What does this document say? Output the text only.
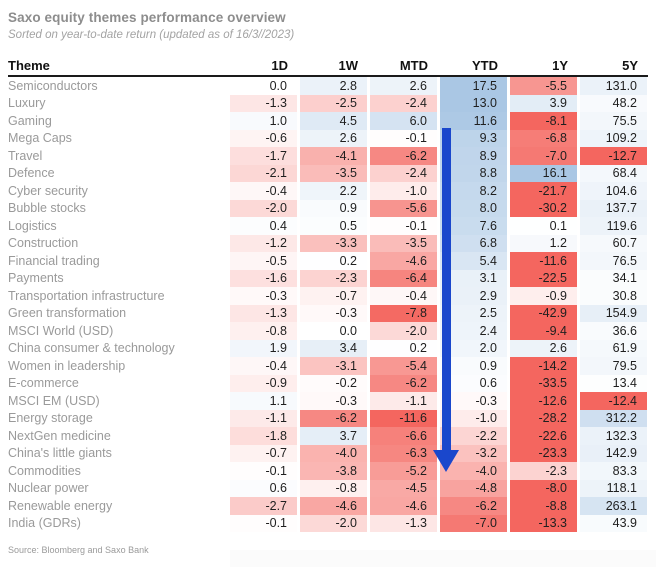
Saxo equity themes performance overview
Sorted on year-to-date return (updated as of 16/3//2023)
Theme	1D	1W	MTD	YTD	1Y	5Y
Semiconductors	0.0	2.8	2.6	17.5	-5.5	131.0
Luxury	-1.3	-2.5	-2.4	13.0	3.9	48.2
Gaming	1.0	4.5	6.0	11.6	-8.1	75.5
Mega Caps	-0.6	2.6	-0.1	9.3	-6.8	109.2
Travel	-1.7	-4.1	-6.2	8.9	-7.0	-12.7
Defence	-2.1	-3.5	-2.4	8.8	16.1	68.4
Cyber security	-0.4	2.2	-1.0	8.2	-21.7	104.6
Bubble stocks	-2.0	0.9	-5.6	8.0	-30.2	137.7
Logistics	0.4	0.5	-0.1	7.6	0.1	119.6
Construction	-1.2	-3.3	-3.5	6.8	1.2	60.7
Financial trading	-0.5	0.2	-4.6	5.4	-11.6	76.5
Payments	-1.6	-2.3	-6.4	3.1	-22.5	34.1
Transportation infrastructure	-0.3	-0.7	-0.4	2.9	-0.9	30.8
Green transformation	-1.3	-0.3	-7.8	2.5	-42.9	154.9
MSCI World (USD)	-0.8	0.0	-2.0	2.4	-9.4	36.6
China consumer & technology	1.9	3.4	0.2	2.0	2.6	61.9
Women in leadership	-0.4	-3.1	-5.4	0.9	-14.2	79.5
E-commerce	-0.9	-0.2	-6.2	0.6	-33.5	13.4
MSCI EM (USD)	1.1	-0.3	-1.1	-0.3	-12.6	-12.4
Energy storage	-1.1	-6.2	-11.6	-1.0	-28.2	312.2
NextGen medicine	-1.8	3.7	-6.6	-2.2	-22.6	132.3
China's little giants	-0.7	-4.0	-6.3	-3.2	-23.3	142.9
Commodities	-0.1	-3.8	-5.2	-4.0	-2.3	83.3
Nuclear power	0.6	-0.8	-4.5	-4.8	-8.0	118.1
Renewable energy	-2.7	-4.6	-4.6	-6.2	-8.8	263.1
India (GDRs)	-0.1	-2.0	-1.3	-7.0	-13.3	43.9
Source: Bloomberg and Saxo Bank
